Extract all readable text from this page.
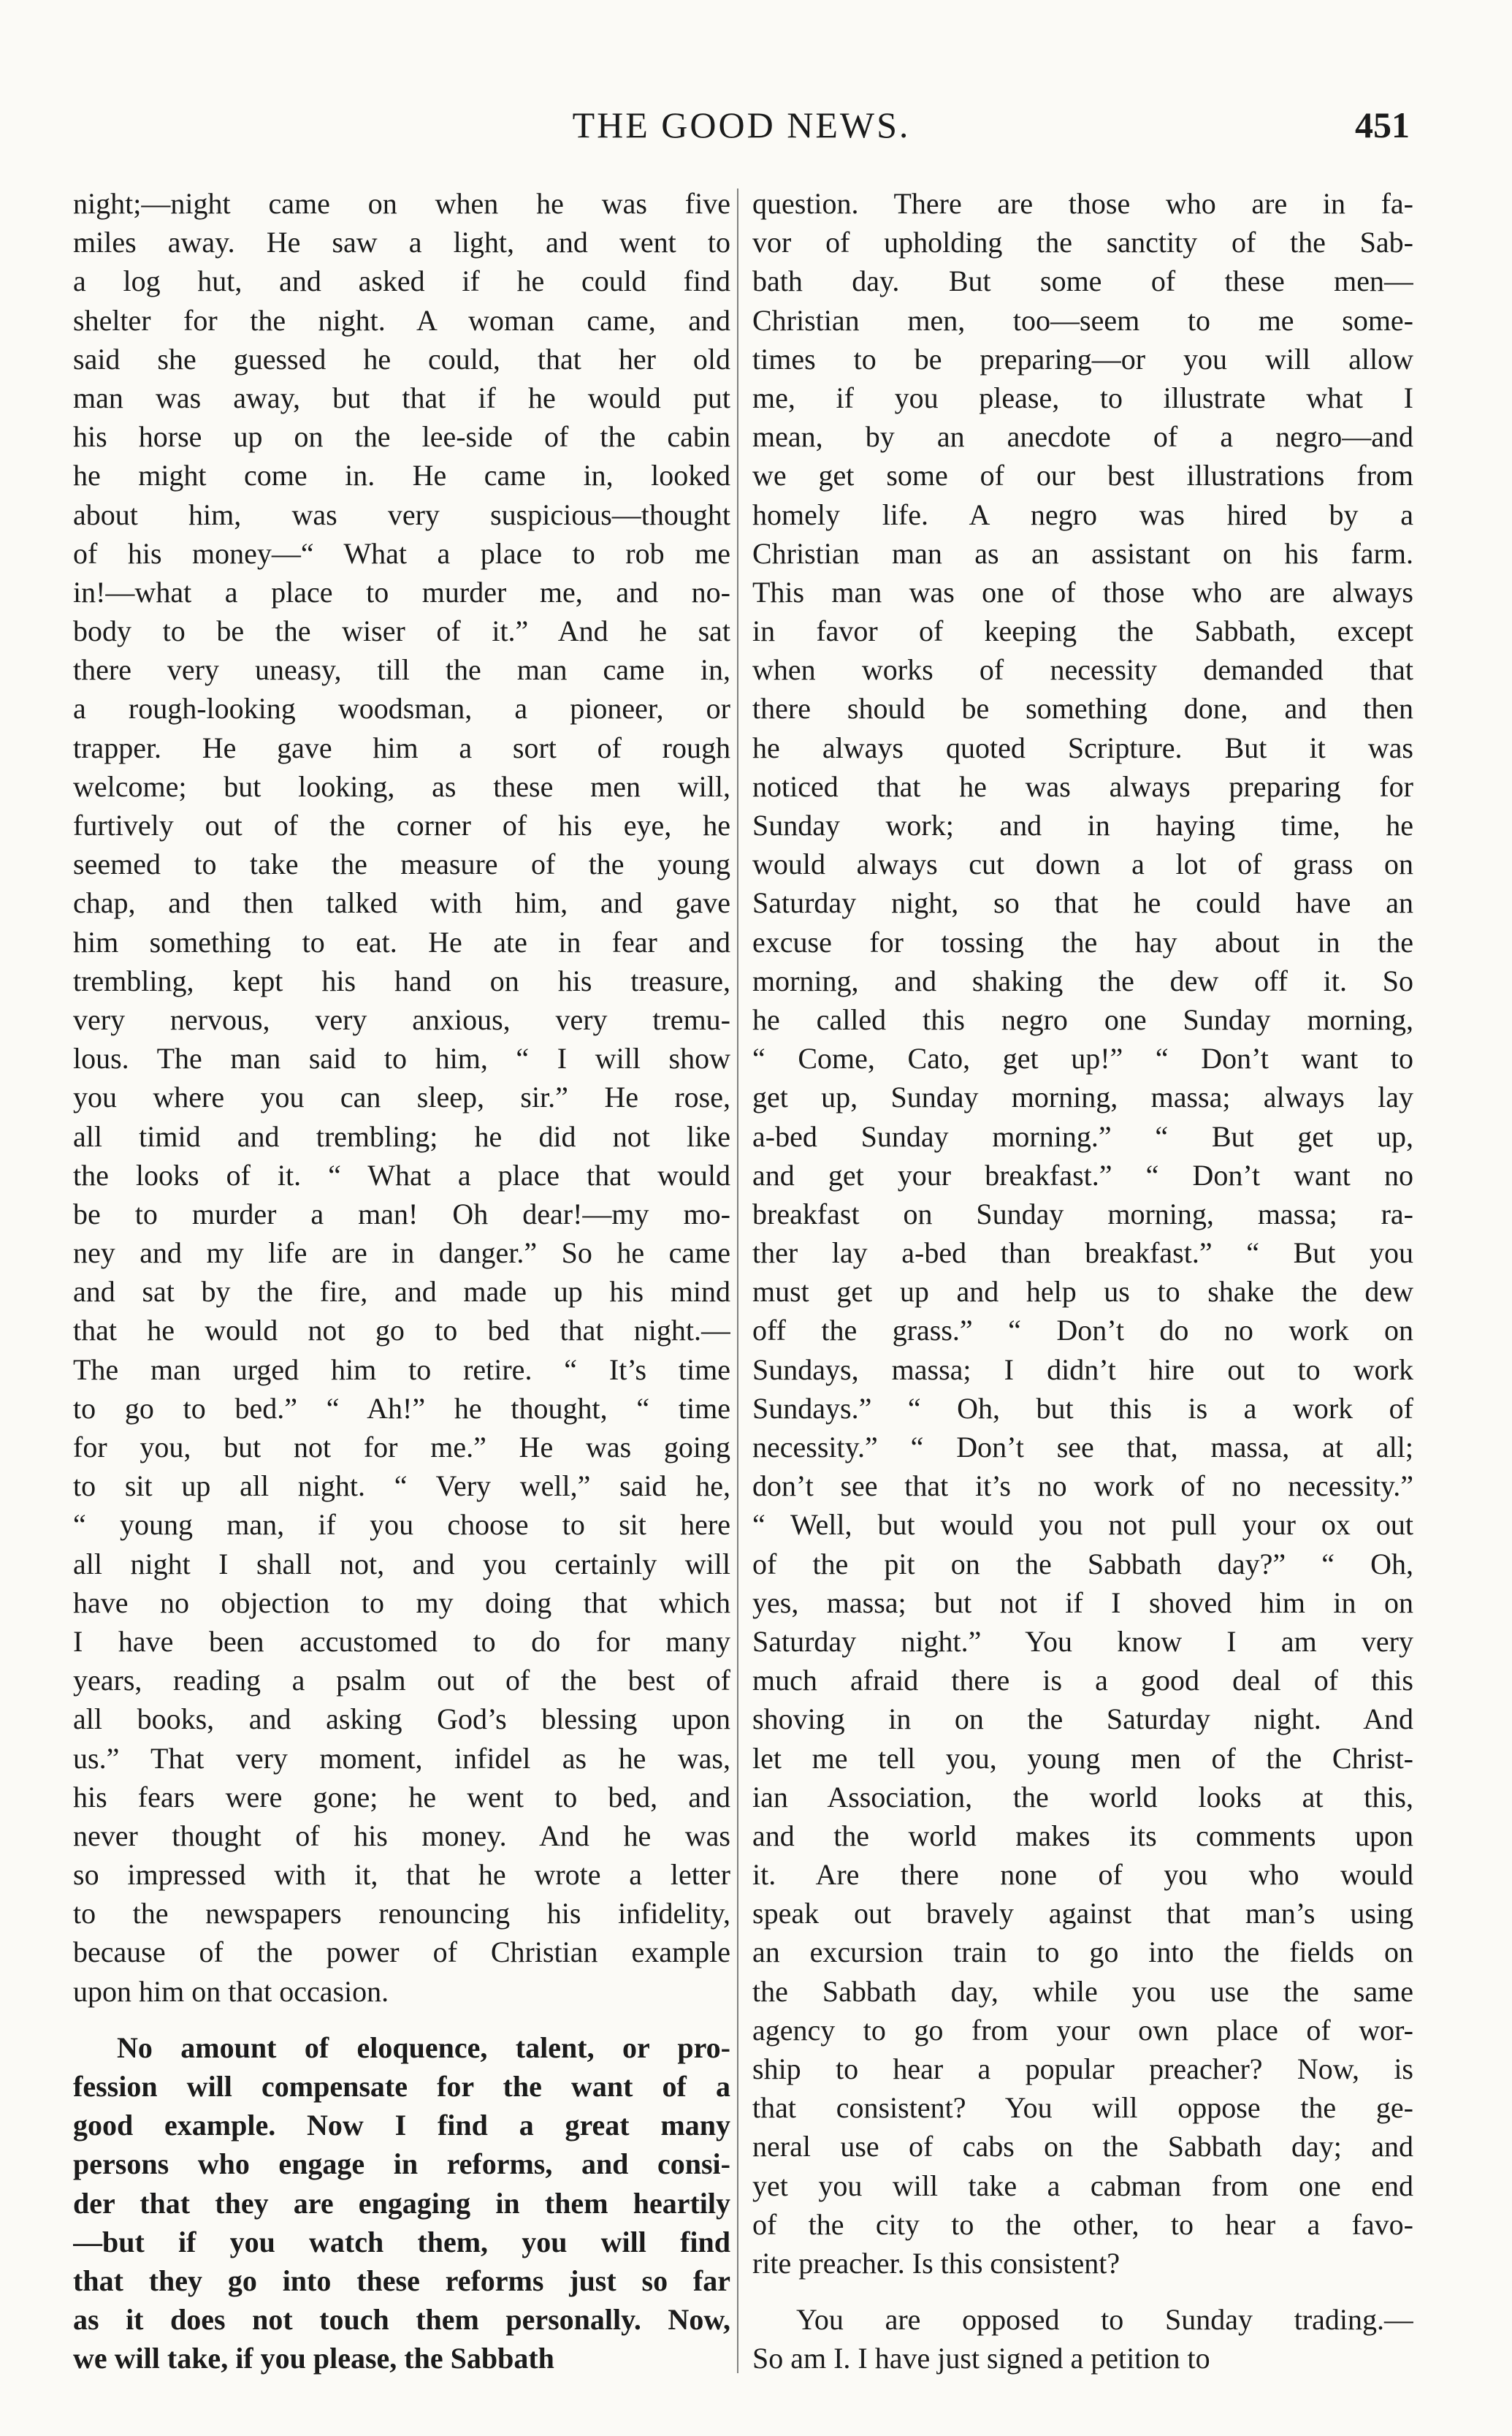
THE GOOD NEWS.	451
night;—night came on when he was five
miles away. He saw a light, and went to
a log hut, and asked if he could find
shelter for the night. A woman came, and
said she guessed he could, that her old
man was away, but that if he would put
his horse up on the lee-side of the cabin
he might come in. He came in, looked
about him, was very suspicious—thought
of his money—“ What a place to rob me
in!—what a place to murder me, and no-
body to be the wiser of it.” And he sat
there very uneasy, till the man came in,
a rough-looking woodsman, a pioneer, or
trapper. He gave him a sort of rough
welcome; but looking, as these men will,
furtively out of the corner of his eye, he
seemed to take the measure of the young
chap, and then talked with him, and gave
him something to eat. He ate in fear and
trembling, kept his hand on his treasure,
very nervous, very anxious, very tremu-
lous. The man said to him, “ I will show
you where you can sleep, sir.” He rose,
all timid and trembling; he did not like
the looks of it. “ What a place that would
be to murder a man! Oh dear!—my mo-
ney and my life are in danger.” So he came
and sat by the fire, and made up his mind
that he would not go to bed that night.—
The man urged him to retire. “ It’s time
to go to bed.” “ Ah!” he thought, “ time
for you, but not for me.” He was going
to sit up all night. “ Very well,” said he,
“ young man, if you choose to sit here
all night I shall not, and you certainly will
have no objection to my doing that which
I have been accustomed to do for many
years, reading a psalm out of the best of
all books, and asking God’s blessing upon
us.” That very moment, infidel as he was,
his fears were gone; he went to bed, and
never thought of his money. And he was
so impressed with it, that he wrote a letter
to the newspapers renouncing his infidelity,
because of the power of Christian example
upon him on that occasion.
No amount of eloquence, talent, or pro-
fession will compensate for the want of a
good example. Now I find a great many
persons who engage in reforms, and consi-
der that they are engaging in them heartily
—but if you watch them, you will find
that they go into these reforms just so far
as it does not touch them personally. Now,
we will take, if you please, the Sabbath
question. There are those who are in fa-
vor of upholding the sanctity of the Sab-
bath day. But some of these men—
Christian men, too—seem to me some-
times to be preparing—or you will allow
me, if you please, to illustrate what I
mean, by an anecdote of a negro—and
we get some of our best illustrations from
homely life. A negro was hired by a
Christian man as an assistant on his farm.
This man was one of those who are always
in favor of keeping the Sabbath, except
when works of necessity demanded that
there should be something done, and then
he always quoted Scripture. But it was
noticed that he was always preparing for
Sunday work; and in haying time, he
would always cut down a lot of grass on
Saturday night, so that he could have an
excuse for tossing the hay about in the
morning, and shaking the dew off it. So
he called this negro one Sunday morning,
“ Come, Cato, get up!” “ Don’t want to
get up, Sunday morning, massa; always lay
a-bed Sunday morning.” “ But get up,
and get your breakfast.” “ Don’t want no
breakfast on Sunday morning, massa; ra-
ther lay a-bed than breakfast.” “ But you
must get up and help us to shake the dew
off the grass.” “ Don’t do no work on
Sundays, massa; I didn’t hire out to work
Sundays.” “ Oh, but this is a work of
necessity.” “ Don’t see that, massa, at all;
don’t see that it’s no work of no necessity.”
“ Well, but would you not pull your ox out
of the pit on the Sabbath day?” “ Oh,
yes, massa; but not if I shoved him in on
Saturday night.” You know I am very
much afraid there is a good deal of this
shoving in on the Saturday night. And
let me tell you, young men of the Christ-
ian Association, the world looks at this,
and the world makes its comments upon
it. Are there none of you who would
speak out bravely against that man’s using
an excursion train to go into the fields on
the Sabbath day, while you use the same
agency to go from your own place of wor-
ship to hear a popular preacher? Now, is
that consistent? You will oppose the ge-
neral use of cabs on the Sabbath day; and
yet you will take a cabman from one end
of the city to the other, to hear a favo-
rite preacher. Is this consistent?
You are opposed to Sunday trading.—
So am I. I have just signed a petition to
